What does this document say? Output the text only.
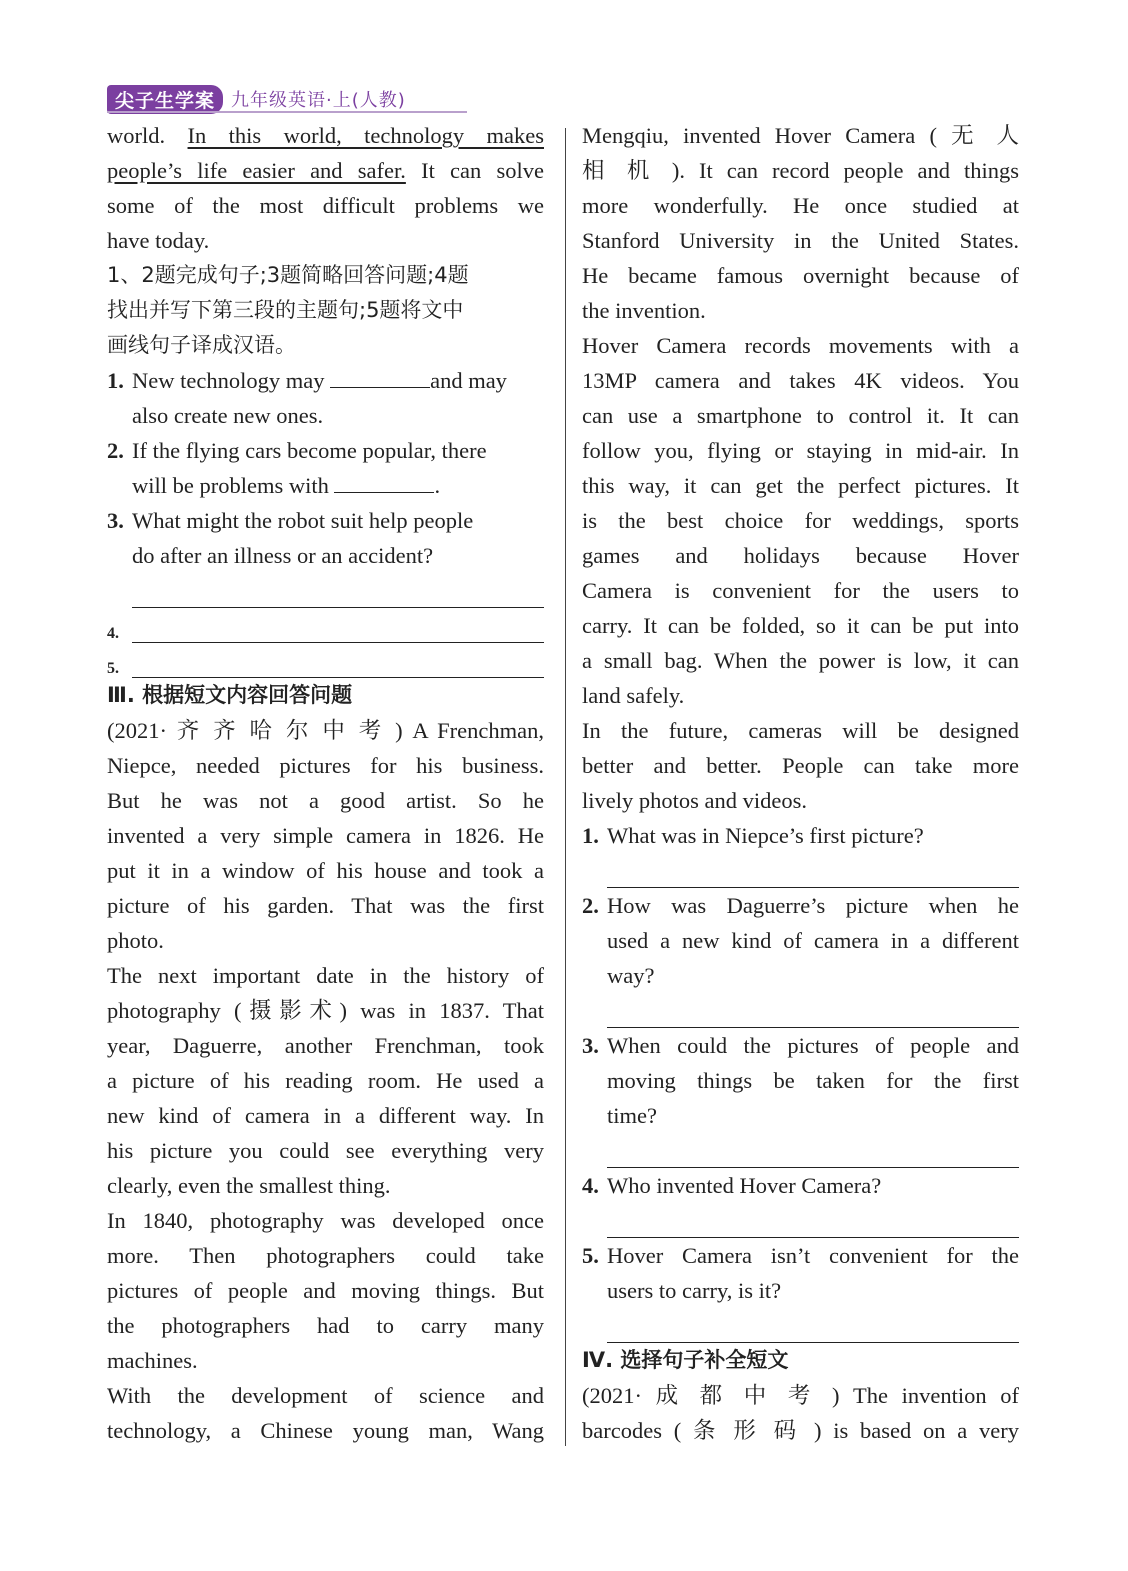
尖子生学案 九年级英语·上(人教)
world. In this world, technology makes
people’s life easier and safer. It can solve
some of the most difficult problems we
have today.
1、2题完成句子;3题简略回答问题;4题
找出并写下第三段的主题句;5题将文中
画线句子译成汉语。
1. New technology may	and may
also create new ones.
2. If the flying cars become popular, there
will be problems with	.
3. What might the robot suit help people
do after an illness or an accident?
4.
5.
Ⅲ. 根据短文内容回答问题
(2021· 齐 齐 哈 尔 中 考 ) A Frenchman,
Niepce, needed pictures for his business.
But he was not a good artist. So he
invented a very simple camera in 1826. He
put it in a window of his house and took a
picture of his garden. That was the first
photo.
The next important date in the history of
photography (摄影术) was in 1837. That
year, Daguerre, another Frenchman, took
a picture of his reading room. He used a
new kind of camera in a different way. In
his picture you could see everything very
clearly, even the smallest thing.
In 1840, photography was developed once
more. Then photographers could take
pictures of people and moving things. But
the photographers had to carry many
machines.
With the development of science and
technology, a Chinese young man, Wang
Mengqiu, invented Hover Camera ( 无 人
相 机 ). It can record people and things
more wonderfully. He once studied at
Stanford University in the United States.
He became famous overnight because of
the invention.
Hover Camera records movements with a
13MP camera and takes 4K videos. You
can use a smartphone to control it. It can
follow you, flying or staying in mid-air. In
this way, it can get the perfect pictures. It
is the best choice for weddings, sports
games and holidays because Hover
Camera is convenient for the users to
carry. It can be folded, so it can be put into
a small bag. When the power is low, it can
land safely.
In the future, cameras will be designed
better and better. People can take more
lively photos and videos.
1. What was in Niepce’s first picture?
2. How was Daguerre’s picture when he
used a new kind of camera in a different
way?
3. When could the pictures of people and
moving things be taken for the first
time?
4. Who invented Hover Camera?
5. Hover Camera isn’t convenient for the
users to carry, is it?
Ⅳ. 选择句子补全短文
(2021· 成 都 中 考 ) The invention of
barcodes ( 条 形 码 ) is based on a very
